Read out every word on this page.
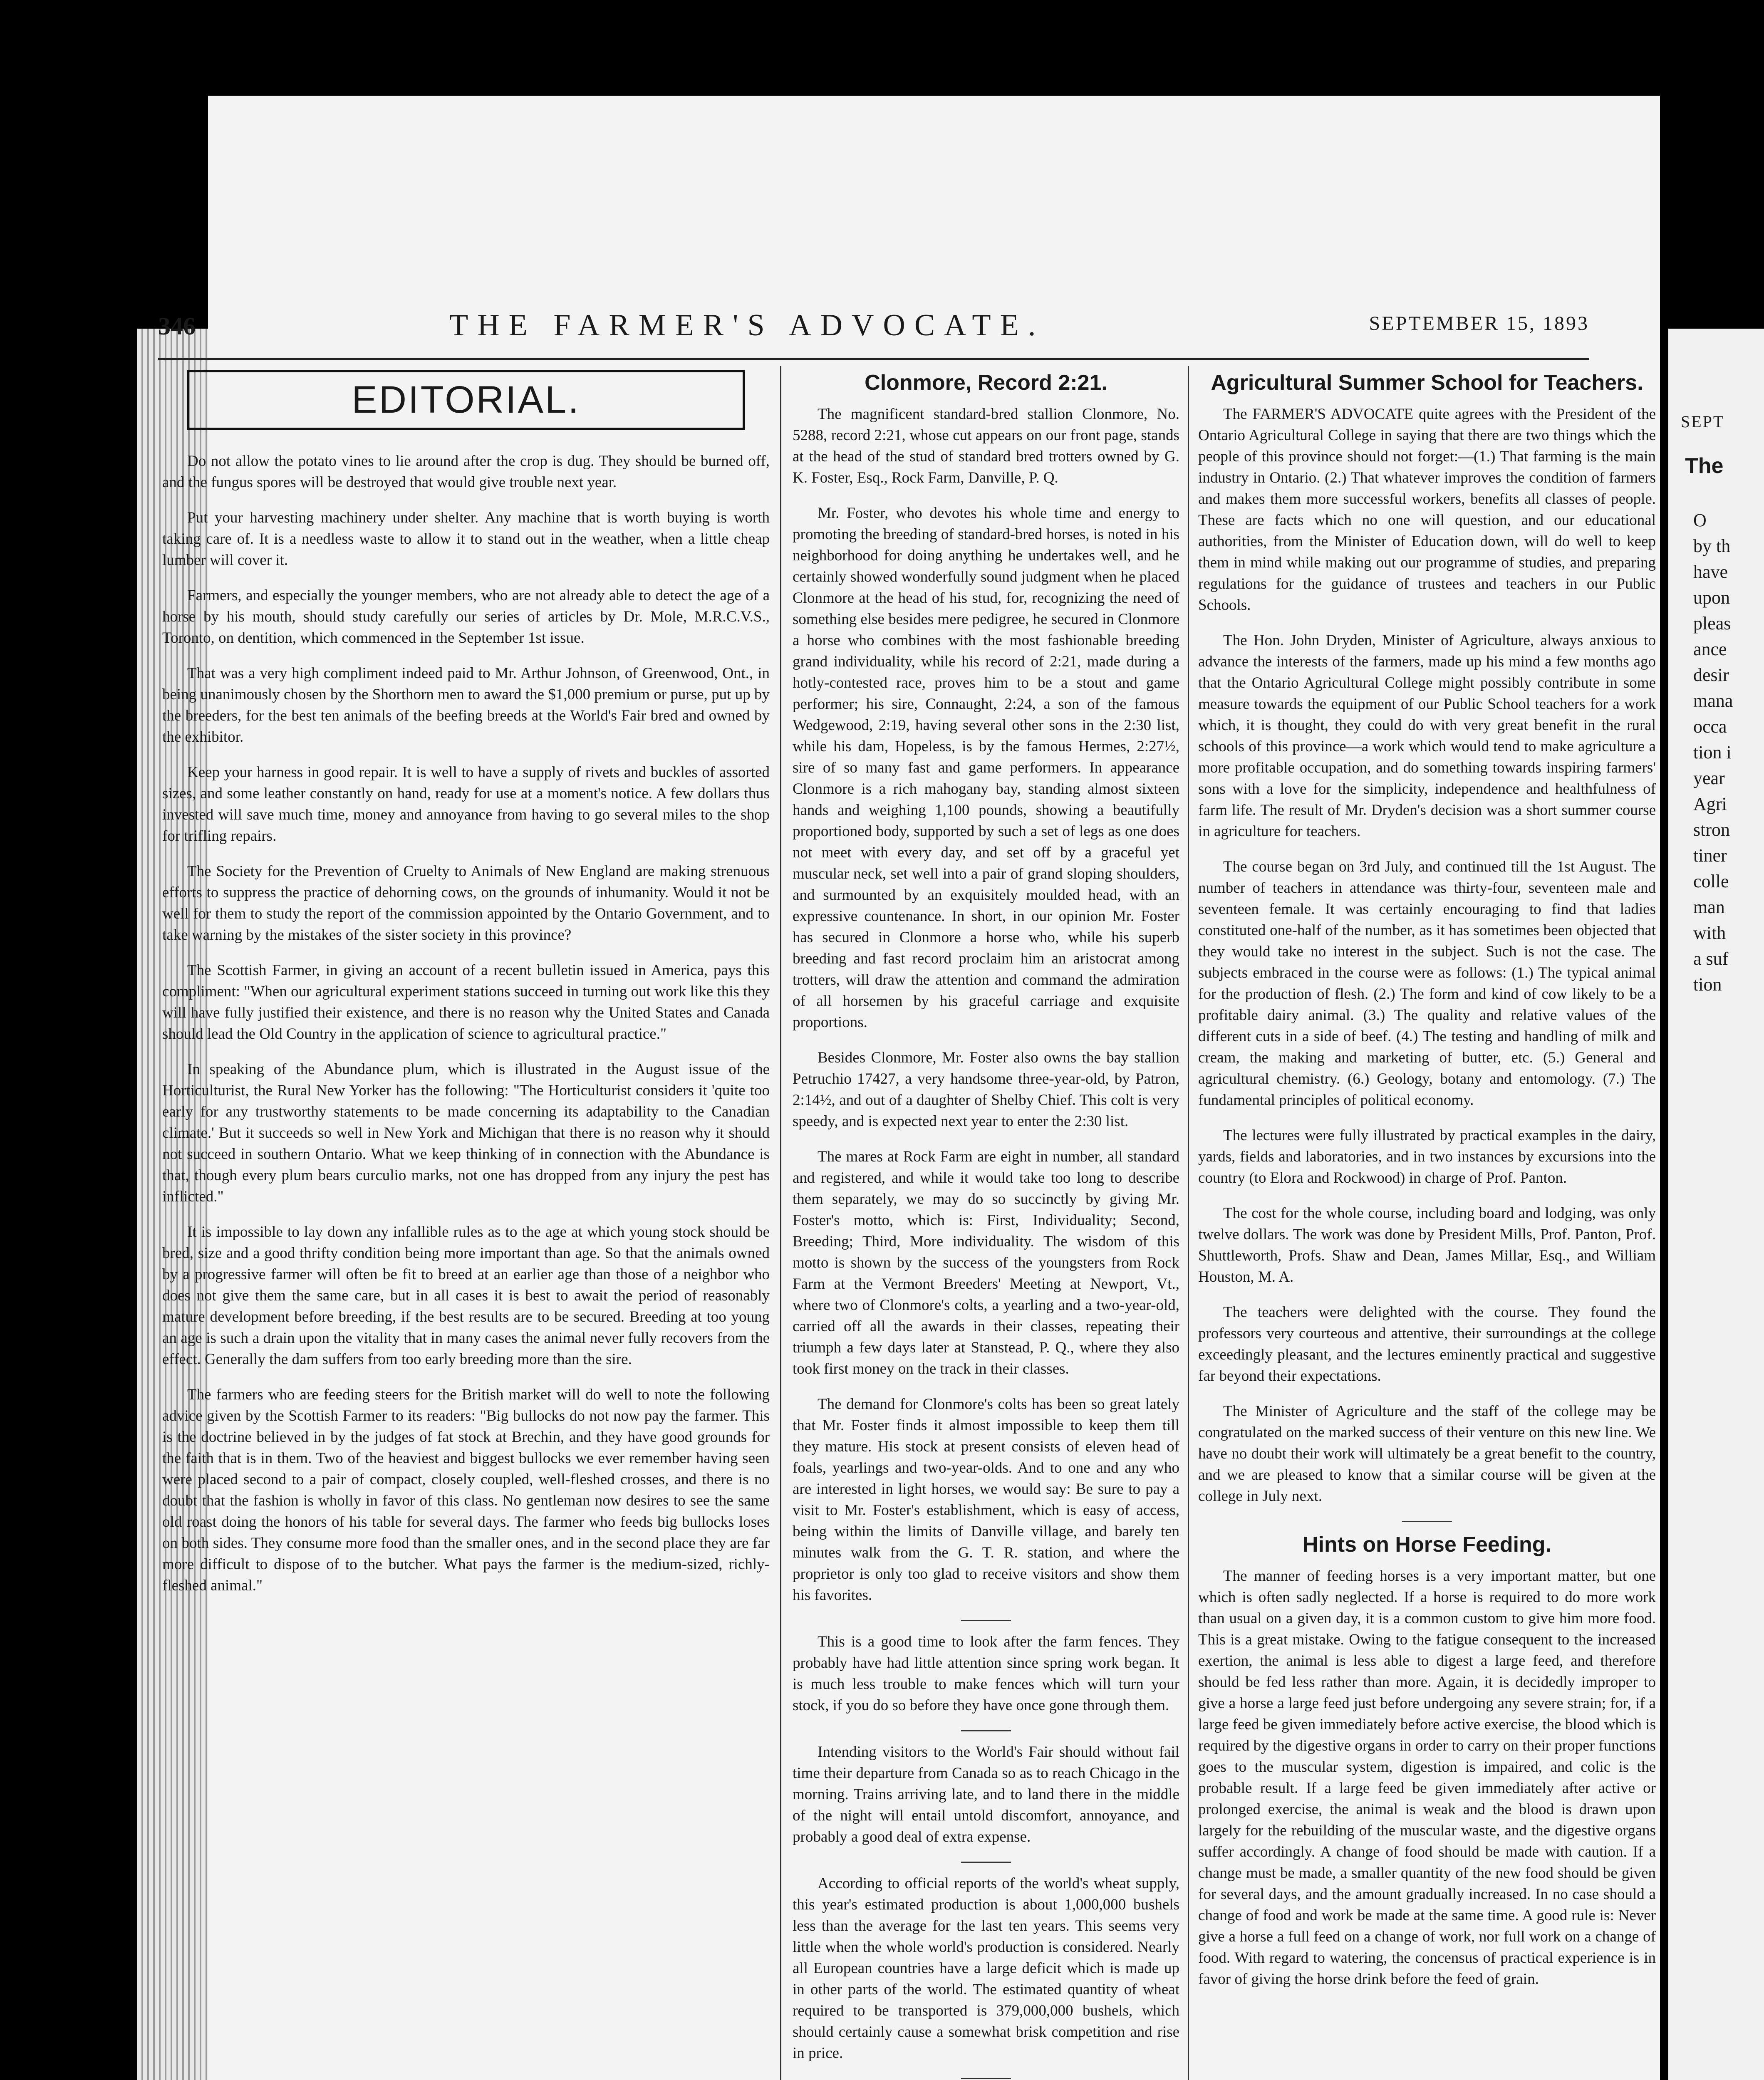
SEPT
The
O
by th
have
upon
pleas
ance
desir
mana
occa
tion i
year
Agri
stron
tiner
colle
man
with
a suf
tion
346	THE FARMER'S ADVOCATE.	SEPTEMBER 15, 1893
EDITORIAL.

Do not allow the potato vines to lie around after the crop is dug. They should be burned off, and the fungus spores will be destroyed that would give trouble next year.

Put your harvesting machinery under shelter. Any machine that is worth buying is worth taking care of. It is a needless waste to allow it to stand out in the weather, when a little cheap lumber will cover it.

Farmers, and especially the younger members, who are not already able to detect the age of a horse by his mouth, should study carefully our series of articles by Dr. Mole, M.R.C.V.S., Toronto, on dentition, which commenced in the September 1st issue.

That was a very high compliment indeed paid to Mr. Arthur Johnson, of Greenwood, Ont., in being unanimously chosen by the Shorthorn men to award the $1,000 premium or purse, put up by the breeders, for the best ten animals of the beefing breeds at the World's Fair bred and owned by the exhibitor.

Keep your harness in good repair. It is well to have a supply of rivets and buckles of assorted sizes, and some leather constantly on hand, ready for use at a moment's notice. A few dollars thus invested will save much time, money and annoyance from having to go several miles to the shop for trifling repairs.

The Society for the Prevention of Cruelty to Animals of New England are making strenuous efforts to suppress the practice of dehorning cows, on the grounds of inhumanity. Would it not be well for them to study the report of the commission appointed by the Ontario Government, and to take warning by the mistakes of the sister society in this province?

The Scottish Farmer, in giving an account of a recent bulletin issued in America, pays this compliment: "When our agricultural experiment stations succeed in turning out work like this they will have fully justified their existence, and there is no reason why the United States and Canada should lead the Old Country in the application of science to agricultural practice."

In speaking of the Abundance plum, which is illustrated in the August issue of the Horticulturist, the Rural New Yorker has the following: "The Horticulturist considers it 'quite too early for any trustworthy statements to be made concerning its adaptability to the Canadian climate.' But it succeeds so well in New York and Michigan that there is no reason why it should not succeed in southern Ontario. What we keep thinking of in connection with the Abundance is that, though every plum bears curculio marks, not one has dropped from any injury the pest has inflicted."

It is impossible to lay down any infallible rules as to the age at which young stock should be bred, size and a good thrifty condition being more important than age. So that the animals owned by a progressive farmer will often be fit to breed at an earlier age than those of a neighbor who does not give them the same care, but in all cases it is best to await the period of reasonably mature development before breeding, if the best results are to be secured. Breeding at too young an age is such a drain upon the vitality that in many cases the animal never fully recovers from the effect. Generally the dam suffers from too early breeding more than the sire.

The farmers who are feeding steers for the British market will do well to note the following advice given by the Scottish Farmer to its readers: "Big bullocks do not now pay the farmer. This is the doctrine believed in by the judges of fat stock at Brechin, and they have good grounds for the faith that is in them. Two of the heaviest and biggest bullocks we ever remember having seen were placed second to a pair of compact, closely coupled, well-fleshed crosses, and there is no doubt that the fashion is wholly in favor of this class. No gentleman now desires to see the same old roast doing the honors of his table for several days. The farmer who feeds big bullocks loses on both sides. They consume more food than the smaller ones, and in the second place they are far more difficult to dispose of to the butcher. What pays the farmer is the medium-sized, richly-fleshed animal."

Clonmore, Record 2:21.

The magnificent standard-bred stallion Clonmore, No. 5288, record 2:21, whose cut appears on our front page, stands at the head of the stud of standard bred trotters owned by G. K. Foster, Esq., Rock Farm, Danville, P. Q.

Mr. Foster, who devotes his whole time and energy to promoting the breeding of standard-bred horses, is noted in his neighborhood for doing anything he undertakes well, and he certainly showed wonderfully sound judgment when he placed Clonmore at the head of his stud, for, recognizing the need of something else besides mere pedigree, he secured in Clonmore a horse who combines with the most fashionable breeding grand individuality, while his record of 2:21, made during a hotly-contested race, proves him to be a stout and game performer; his sire, Connaught, 2:24, a son of the famous Wedgewood, 2:19, having several other sons in the 2:30 list, while his dam, Hopeless, is by the famous Hermes, 2:27½, sire of so many fast and game performers. In appearance Clonmore is a rich mahogany bay, standing almost sixteen hands and weighing 1,100 pounds, showing a beautifully proportioned body, supported by such a set of legs as one does not meet with every day, and set off by a graceful yet muscular neck, set well into a pair of grand sloping shoulders, and surmounted by an exquisitely moulded head, with an expressive countenance. In short, in our opinion Mr. Foster has secured in Clonmore a horse who, while his superb breeding and fast record proclaim him an aristocrat among trotters, will draw the attention and command the admiration of all horsemen by his graceful carriage and exquisite proportions.

Besides Clonmore, Mr. Foster also owns the bay stallion Petruchio 17427, a very handsome three-year-old, by Patron, 2:14½, and out of a daughter of Shelby Chief. This colt is very speedy, and is expected next year to enter the 2:30 list.

The mares at Rock Farm are eight in number, all standard and registered, and while it would take too long to describe them separately, we may do so succinctly by giving Mr. Foster's motto, which is: First, Individuality; Second, Breeding; Third, More individuality. The wisdom of this motto is shown by the success of the youngsters from Rock Farm at the Vermont Breeders' Meeting at Newport, Vt., where two of Clonmore's colts, a yearling and a two-year-old, carried off all the awards in their classes, repeating their triumph a few days later at Stanstead, P. Q., where they also took first money on the track in their classes.

The demand for Clonmore's colts has been so great lately that Mr. Foster finds it almost impossible to keep them till they mature. His stock at present consists of eleven head of foals, yearlings and two-year-olds. And to one and any who are interested in light horses, we would say: Be sure to pay a visit to Mr. Foster's establishment, which is easy of access, being within the limits of Danville village, and barely ten minutes walk from the G. T. R. station, and where the proprietor is only too glad to receive visitors and show them his favorites.

This is a good time to look after the farm fences. They probably have had little attention since spring work began. It is much less trouble to make fences which will turn your stock, if you do so before they have once gone through them.

Intending visitors to the World's Fair should without fail time their departure from Canada so as to reach Chicago in the morning. Trains arriving late, and to land there in the middle of the night will entail untold discomfort, annoyance, and probably a good deal of extra expense.

According to official reports of the world's wheat supply, this year's estimated production is about 1,000,000 bushels less than the average for the last ten years. This seems very little when the whole world's production is considered. Nearly all European countries have a large deficit which is made up in other parts of the world. The estimated quantity of wheat required to be transported is 379,000,000 bushels, which should certainly cause a somewhat brisk competition and rise in price.

Agricultural Summer School for Teachers.

The FARMER'S ADVOCATE quite agrees with the President of the Ontario Agricultural College in saying that there are two things which the people of this province should not forget:—(1.) That farming is the main industry in Ontario. (2.) That whatever improves the condition of farmers and makes them more successful workers, benefits all classes of people. These are facts which no one will question, and our educational authorities, from the Minister of Education down, will do well to keep them in mind while making out our programme of studies, and preparing regulations for the guidance of trustees and teachers in our Public Schools.

The Hon. John Dryden, Minister of Agriculture, always anxious to advance the interests of the farmers, made up his mind a few months ago that the Ontario Agricultural College might possibly contribute in some measure towards the equipment of our Public School teachers for a work which, it is thought, they could do with very great benefit in the rural schools of this province—a work which would tend to make agriculture a more profitable occupation, and do something towards inspiring farmers' sons with a love for the simplicity, independence and healthfulness of farm life. The result of Mr. Dryden's decision was a short summer course in agriculture for teachers.

The course began on 3rd July, and continued till the 1st August. The number of teachers in attendance was thirty-four, seventeen male and seventeen female. It was certainly encouraging to find that ladies constituted one-half of the number, as it has sometimes been objected that they would take no interest in the subject. Such is not the case. The subjects embraced in the course were as follows: (1.) The typical animal for the production of flesh. (2.) The form and kind of cow likely to be a profitable dairy animal. (3.) The quality and relative values of the different cuts in a side of beef. (4.) The testing and handling of milk and cream, the making and marketing of butter, etc. (5.) General and agricultural chemistry. (6.) Geology, botany and entomology. (7.) The fundamental principles of political economy.

The lectures were fully illustrated by practical examples in the dairy, yards, fields and laboratories, and in two instances by excursions into the country (to Elora and Rockwood) in charge of Prof. Panton.

The cost for the whole course, including board and lodging, was only twelve dollars. The work was done by President Mills, Prof. Panton, Prof. Shuttleworth, Profs. Shaw and Dean, James Millar, Esq., and William Houston, M. A.

The teachers were delighted with the course. They found the professors very courteous and attentive, their surroundings at the college exceedingly pleasant, and the lectures eminently practical and suggestive far beyond their expectations.

The Minister of Agriculture and the staff of the college may be congratulated on the marked success of their venture on this new line. We have no doubt their work will ultimately be a great benefit to the country, and we are pleased to know that a similar course will be given at the college in July next.

Hints on Horse Feeding.

The manner of feeding horses is a very important matter, but one which is often sadly neglected. If a horse is required to do more work than usual on a given day, it is a common custom to give him more food. This is a great mistake. Owing to the fatigue consequent to the increased exertion, the animal is less able to digest a large feed, and therefore should be fed less rather than more. Again, it is decidedly improper to give a horse a large feed just before undergoing any severe strain; for, if a large feed be given immediately before active exercise, the blood which is required by the digestive organs in order to carry on their proper functions goes to the muscular system, digestion is impaired, and colic is the probable result. If a large feed be given immediately after active or prolonged exercise, the animal is weak and the blood is drawn upon largely for the rebuilding of the muscular waste, and the digestive organs suffer accordingly. A change of food should be made with caution. If a change must be made, a smaller quantity of the new food should be given for several days, and the amount gradually increased. In no case should a change of food and work be made at the same time. A good rule is: Never give a horse a full feed on a change of work, nor full work on a change of food. With regard to watering, the concensus of practical experience is in favor of giving the horse drink before the feed of grain.
